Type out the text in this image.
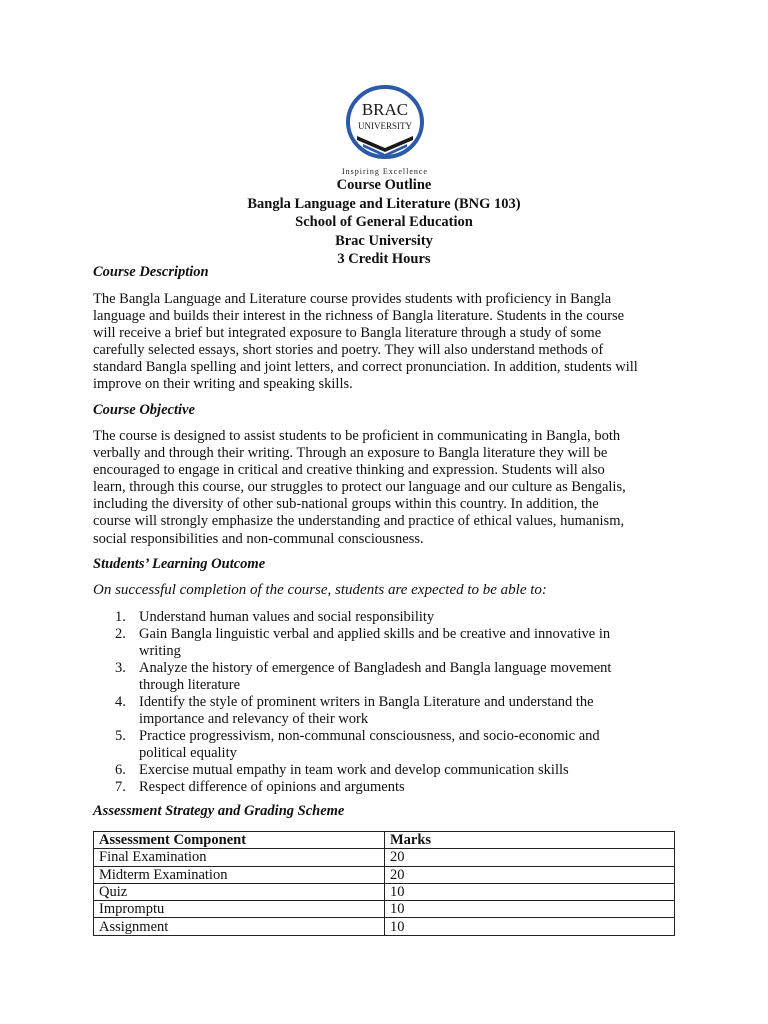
BRAC
UNIVERSITY
Inspiring Excellence
Course Outline
Bangla Language and Literature (BNG 103)
School of General Education
Brac University
3 Credit Hours
Course Description
The Bangla Language and Literature course provides students with proficiency in Bangla
language and builds their interest in the richness of Bangla literature. Students in the course
will receive a brief but integrated exposure to Bangla literature through a study of some
carefully selected essays, short stories and poetry. They will also understand methods of
standard Bangla spelling and joint letters, and correct pronunciation. In addition, students will
improve on their writing and speaking skills.
Course Objective
The course is designed to assist students to be proficient in communicating in Bangla, both
verbally and through their writing. Through an exposure to Bangla literature they will be
encouraged to engage in critical and creative thinking and expression. Students will also
learn, through this course, our struggles to protect our language and our culture as Bengalis,
including the diversity of other sub-national groups within this country. In addition, the
course will strongly emphasize the understanding and practice of ethical values, humanism,
social responsibilities and non-communal consciousness.
Students’ Learning Outcome
On successful completion of the course, students are expected to be able to:
1. Understand human values and social responsibility
2. Gain Bangla linguistic verbal and applied skills and be creative and innovative in
writing
3. Analyze the history of emergence of Bangladesh and Bangla language movement
through literature
4. Identify the style of prominent writers in Bangla Literature and understand the
importance and relevancy of their work
5. Practice progressivism, non-communal consciousness, and socio-economic and
political equality
6. Exercise mutual empathy in team work and develop communication skills
7. Respect difference of opinions and arguments
Assessment Strategy and Grading Scheme
Assessment Component	Marks
Final Examination	20
Midterm Examination	20
Quiz	10
Impromptu	10
Assignment	10
